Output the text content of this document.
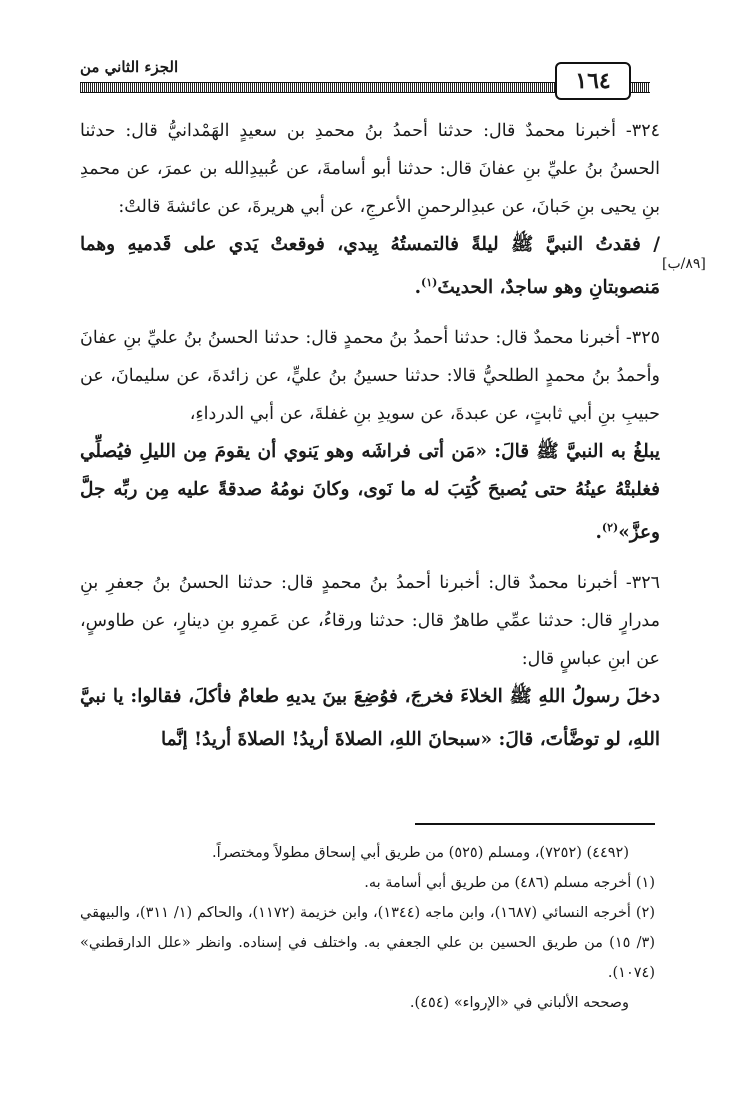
١٦٤
الجزء الثاني من
[٨٩/ب]

٣٢٤- أخبرنا محمدٌ قال: حدثنا أحمدُ بنُ محمدِ بن سعيدٍ الهَمْدانيُّ قال: حدثنا الحسنُ بنُ عليِّ بنِ عفانَ قال: حدثنا أبو أسامةَ، عن عُبيدِالله بن عمرَ، عن محمدِ بنِ يحيى بنِ حَبانَ، عن عبدِالرحمنِ الأعرجِ، عن أبي هريرةَ، عن عائشةَ قالتْ:

/ فقدتُ النبيَّ ﷺ ليلةً فالتمستُهُ بِيدي، فوقعتْ يَدي على قَدميهِ وهما مَنصوبتانِ وهو ساجدٌ، الحديثَ$^{(١)}$.

٣٢٥- أخبرنا محمدٌ قال: حدثنا أحمدُ بنُ محمدٍ قال: حدثنا الحسنُ بنُ عليِّ بنِ عفانَ وأحمدُ بنُ محمدٍ الطلحيُّ قالا: حدثنا حسينُ بنُ عليٍّ، عن زائدةَ، عن سليمانَ، عن حبيبِ بنِ أبي ثابتٍ، عن عبدةَ، عن سويدِ بنِ غفلةَ، عن أبي الدرداءِ،

يبلغُ به النبيَّ ﷺ قالَ: «مَن أتى فراشَه وهو يَنوي أن يقومَ مِن الليلِ فيُصلِّي فغلبتْهُ عينُهُ حتى يُصبحَ كُتِبَ له ما نَوى، وكانَ نومُهُ صدقةً عليه مِن ربِّه جلَّ وعزَّ»$^{(٢)}$.

٣٢٦- أخبرنا محمدٌ قال: أخبرنا أحمدُ بنُ محمدٍ قال: حدثنا الحسنُ بنُ جعفرِ بنِ مدرارٍ قال: حدثنا عمِّي طاهرٌ قال: حدثنا ورقاءُ، عن عَمرِو بنِ دينارٍ، عن طاوسٍ، عن ابنِ عباسٍ قال:

دخلَ رسولُ اللهِ ﷺ الخلاءَ فخرجَ، فوُضِعَ بينَ يديهِ طعامٌ فأكلَ، فقالوا: يا نبيَّ اللهِ، لو توضَّأتَ، قالَ: «سبحانَ اللهِ، الصلاةَ أريدُ! الصلاةَ أريدُ! إنَّما

(٤٤٩٢) (٧٢٥٢)، ومسلم (٥٢٥) من طريق أبي إسحاق مطولاً ومختصراً.

(١) أخرجه مسلم (٤٨٦) من طريق أبي أسامة به.

(٢) أخرجه النسائي (١٦٨٧)، وابن ماجه (١٣٤٤)، وابن خزيمة (١١٧٢)، والحاكم (١/ ٣١١)، والبيهقي (٣/ ١٥) من طريق الحسين بن علي الجعفي به. واختلف في إسناده. وانظر «علل الدارقطني» (١٠٧٤).

وصححه الألباني في «الإرواء» (٤٥٤).
